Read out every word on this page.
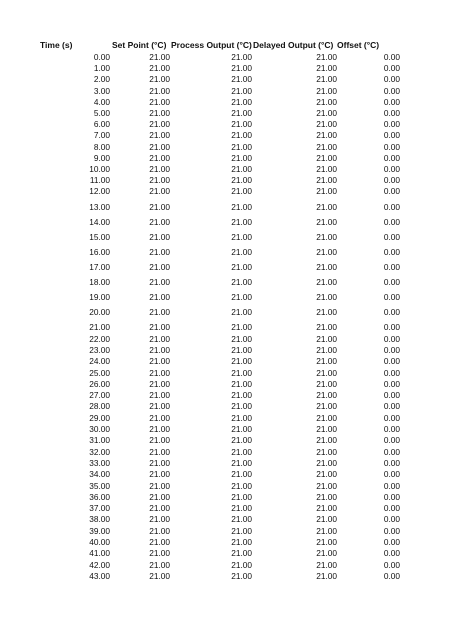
Time (s)	Set Point (°C) Process Output (°C) Delayed Output (°C) Offset (°C)
0.00	21.00	21.00	21.00	0.00
1.00	21.00	21.00	21.00	0.00
2.00	21.00	21.00	21.00	0.00
3.00	21.00	21.00	21.00	0.00
4.00	21.00	21.00	21.00	0.00
5.00	21.00	21.00	21.00	0.00
6.00	21.00	21.00	21.00	0.00
7.00	21.00	21.00	21.00	0.00
8.00	21.00	21.00	21.00	0.00
9.00	21.00	21.00	21.00	0.00
10.00	21.00	21.00	21.00	0.00
11.00	21.00	21.00	21.00	0.00
12.00	21.00	21.00	21.00	0.00
13.00	21.00	21.00	21.00	0.00
14.00	21.00	21.00	21.00	0.00
15.00	21.00	21.00	21.00	0.00
16.00	21.00	21.00	21.00	0.00
17.00	21.00	21.00	21.00	0.00
18.00	21.00	21.00	21.00	0.00
19.00	21.00	21.00	21.00	0.00
20.00	21.00	21.00	21.00	0.00
21.00	21.00	21.00	21.00	0.00
22.00	21.00	21.00	21.00	0.00
23.00	21.00	21.00	21.00	0.00
24.00	21.00	21.00	21.00	0.00
25.00	21.00	21.00	21.00	0.00
26.00	21.00	21.00	21.00	0.00
27.00	21.00	21.00	21.00	0.00
28.00	21.00	21.00	21.00	0.00
29.00	21.00	21.00	21.00	0.00
30.00	21.00	21.00	21.00	0.00
31.00	21.00	21.00	21.00	0.00
32.00	21.00	21.00	21.00	0.00
33.00	21.00	21.00	21.00	0.00
34.00	21.00	21.00	21.00	0.00
35.00	21.00	21.00	21.00	0.00
36.00	21.00	21.00	21.00	0.00
37.00	21.00	21.00	21.00	0.00
38.00	21.00	21.00	21.00	0.00
39.00	21.00	21.00	21.00	0.00
40.00	21.00	21.00	21.00	0.00
41.00	21.00	21.00	21.00	0.00
42.00	21.00	21.00	21.00	0.00
43.00	21.00	21.00	21.00	0.00
